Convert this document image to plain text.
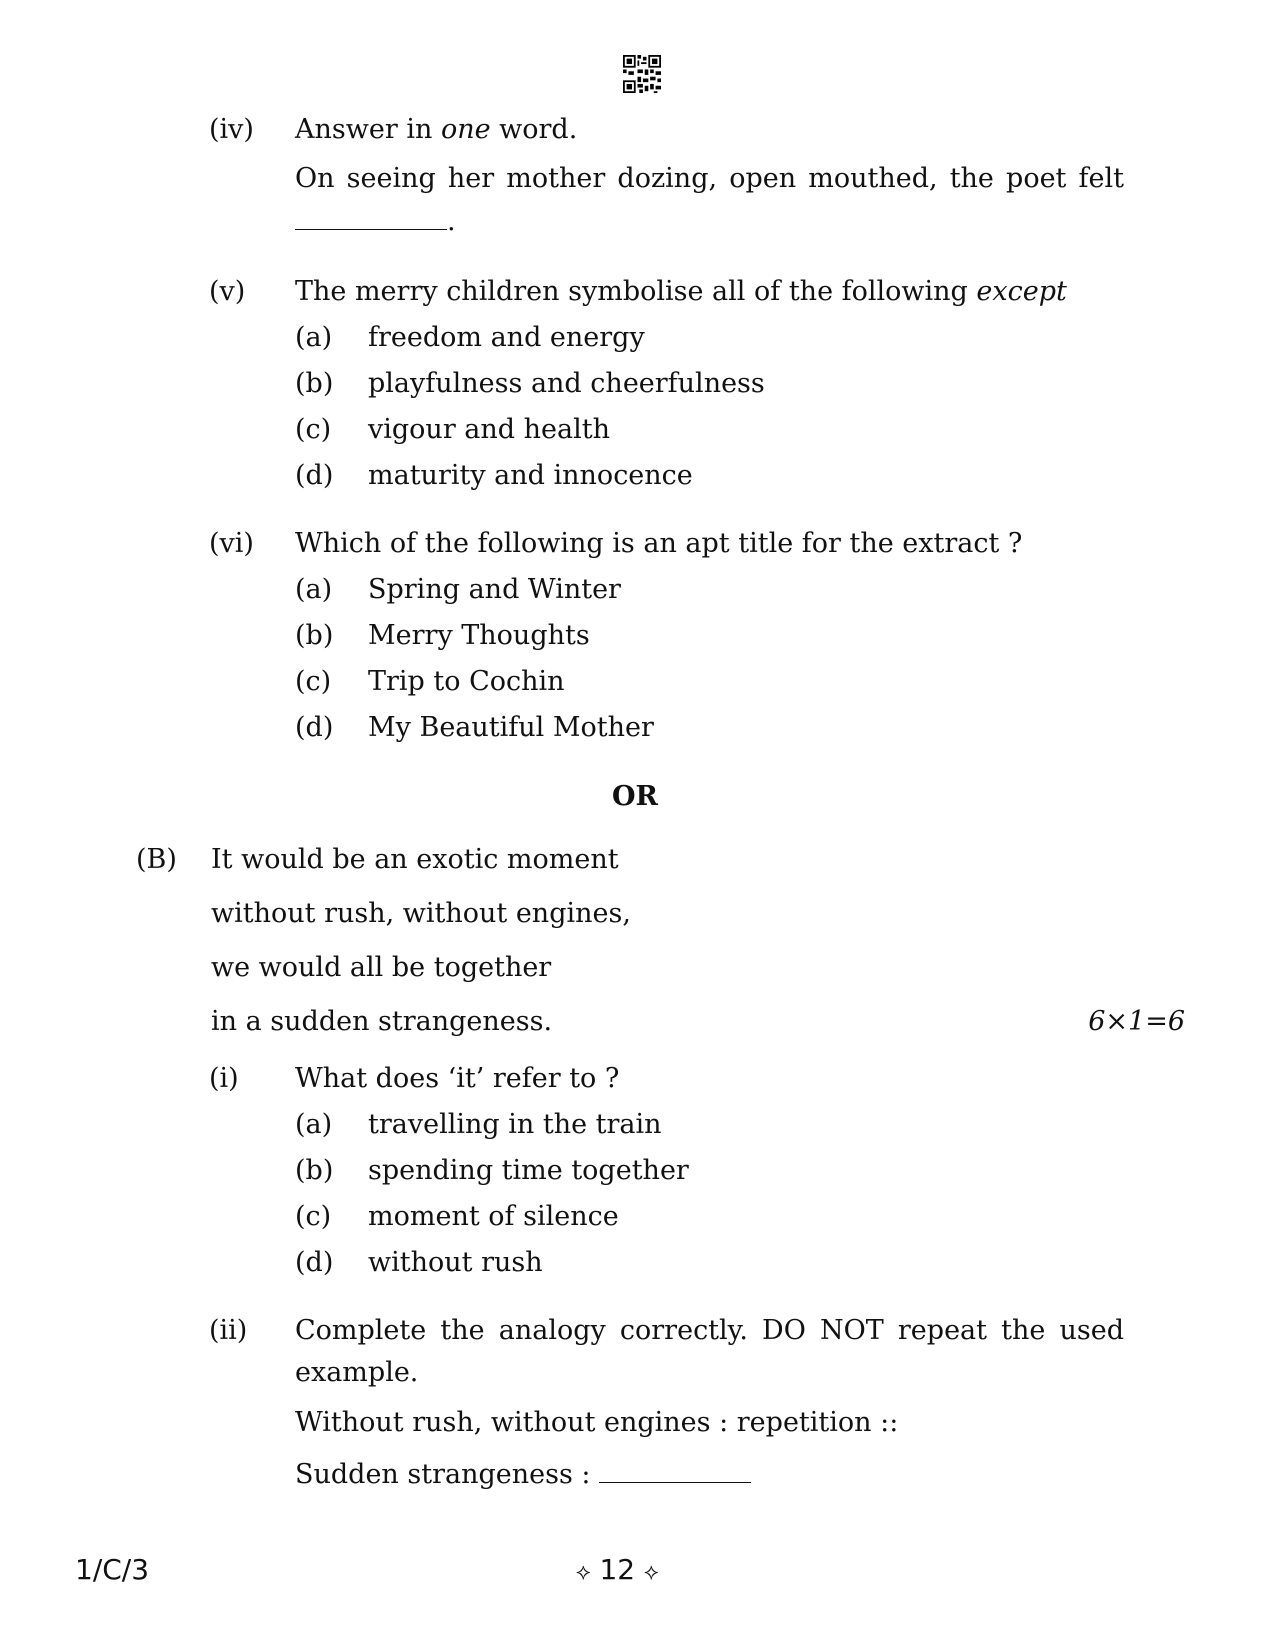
(iv) Answer in one word.
On seeing her mother dozing, open mouthed, the poet felt
.
(v) The merry children symbolise all of the following except
(a) freedom and energy
(b) playfulness and cheerfulness
(c) vigour and health
(d) maturity and innocence
(vi) Which of the following is an apt title for the extract ?
(a) Spring and Winter
(b) Merry Thoughts
(c) Trip to Cochin
(d) My Beautiful Mother
OR
(B) It would be an exotic moment
without rush, without engines,
we would all be together
in a sudden strangeness.	6×1=6
(i) What does ‘it’ refer to ?
(a) travelling in the train
(b) spending time together
(c) moment of silence
(d) without rush
(ii) Complete the analogy correctly. DO NOT repeat the used
example.
Without rush, without engines : repetition ::
Sudden strangeness :
1/C/3	⟡ 12 ⟡
